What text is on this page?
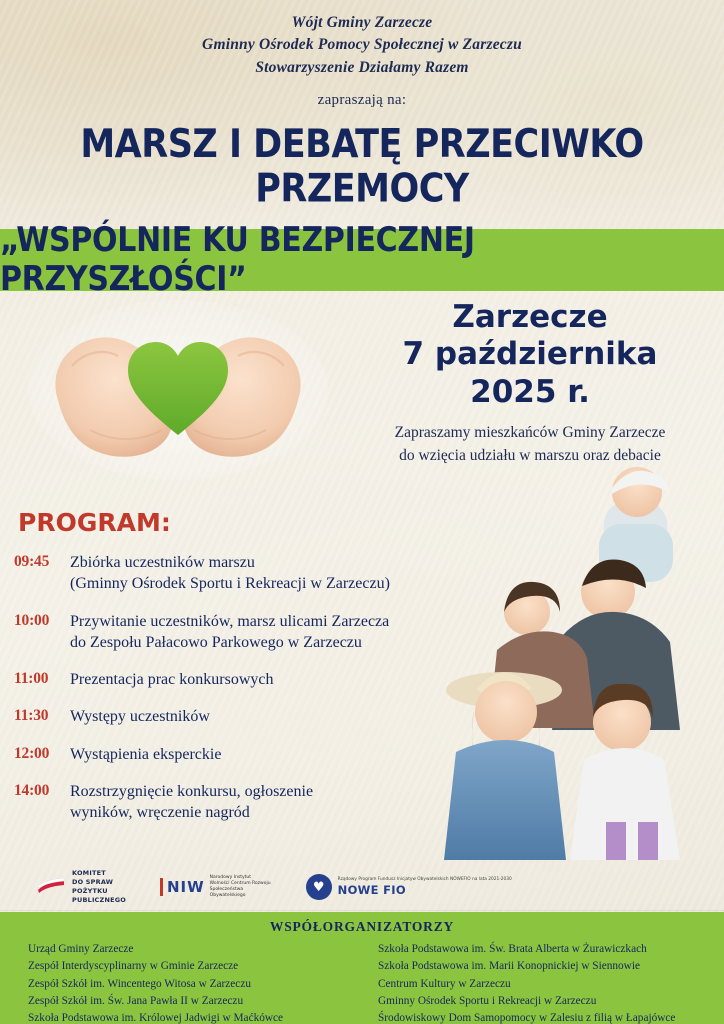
Wójt Gminy Zarzecze
Gminny Ośrodek Pomocy Społecznej w Zarzeczu
Stowarzyszenie Działamy Razem
zapraszają na:
MARSZ I DEBATĘ PRZECIWKO PRZEMOCY
„WSPÓLNIE KU BEZPIECZNEJ PRZYSZŁOŚCI”
Zarzecze
7 października 2025 r.
Zapraszamy mieszkańców Gminy Zarzecze
do wzięcia udziału w marszu oraz debacie
PROGRAM:
09:45	Zbiórka uczestników marszu
(Gminny Ośrodek Sportu i Rekreacji w Zarzeczu)
10:00	Przywitanie uczestników, marsz ulicami Zarzecza
do Zespołu Pałacowo Parkowego w Zarzeczu
11:00	Prezentacja prac konkursowych
11:30	Występy uczestników
12:00	Wystąpienia eksperckie
14:00	Rozstrzygnięcie konkursu, ogłoszenie
wyników, wręczenie nagród
KOMITET
DO SPRAW
POŻYTKU
PUBLICZNEGO
NIW
Narodowy Instytut Wolności Centrum Rozwoju Społeczeństwa Obywatelskiego
♥	Rządowy Program Fundusz Inicjatyw Obywatelskich NOWEFIO na lata 2021-2030
NOWE FIO
WSPÓŁORGANIZATORZY
Urząd Gminy Zarzecze
Zespół Interdyscyplinarny w Gminie Zarzecze
Zespół Szkół im. Wincentego Witosa w Zarzeczu
Zespół Szkół im. Św. Jana Pawła II w Zarzeczu
Szkoła Podstawowa im. Królowej Jadwigi w Maćkówce
Szkoła Podstawowa im. Św. Brata Alberta w Żurawiczkach
Szkoła Podstawowa im. Marii Konopnickiej w Siennowie
Centrum Kultury w Zarzeczu
Gminny Ośrodek Sportu i Rekreacji w Zarzeczu
Środowiskowy Dom Samopomocy w Zalesiu z filią w Łapajówce
